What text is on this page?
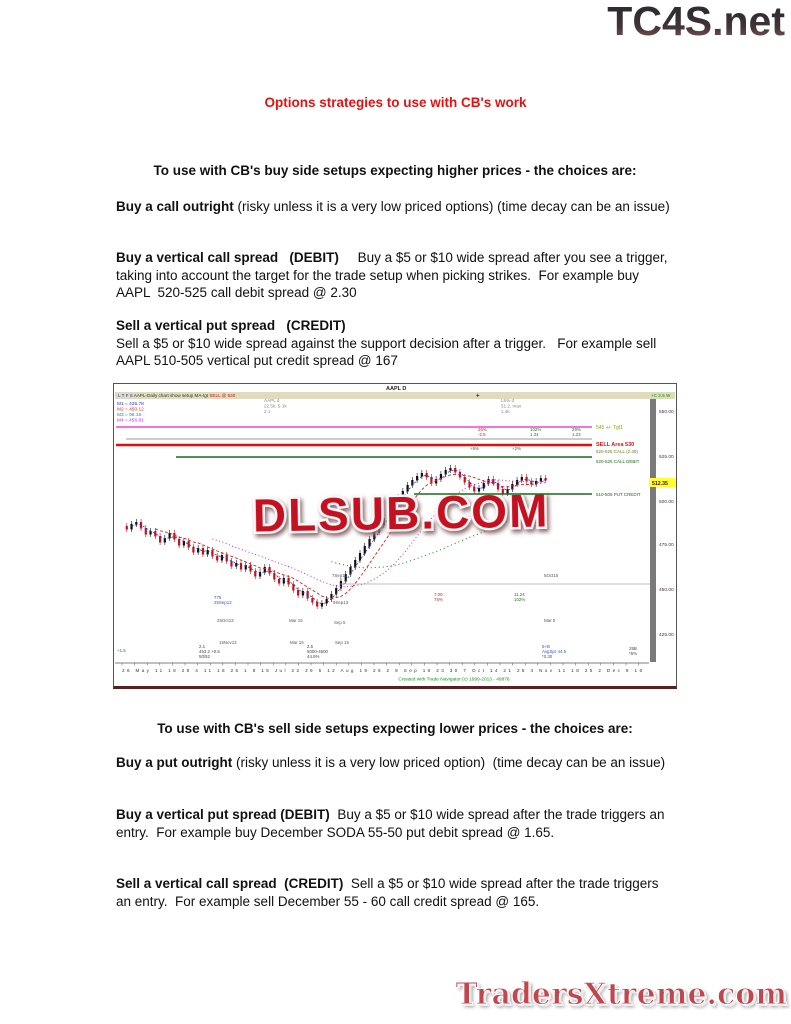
TC4S.net
Options strategies to use with CB's work
To use with CB's buy side setups expecting higher prices - the choices are:
Buy a call outright (risky unless it is a very low priced options) (time decay can be an issue)
Buy a vertical call spread   (DEBIT)     Buy a $5 or $10 wide spread after you see a trigger, taking into account the target for the trade setup when picking strikes.  For example buy AAPL  520-525 call debit spread @ 2.30
Sell a vertical put spread   (CREDIT)
Sell a $5 or $10 wide spread against the support decision after a trigger.   For example sell  AAPL 510-505 vertical put credit spread @ 167
DLSUB.COM
AAPL D
L T F S AAPL-Daily chart show setup MA-tgt SELL @ 530	+	+C 2.5 W
M1 = 435.78
M2 = 450.12
M3 = 98.15
M4 = 456.81
AAPL d
22.5k, 5-1k
2.1
L5% d
51.2, max
1.4k
545 +/- Tgt1
SELL Area 530
520-525 CALL (2.30)
520-525 CALL DEBIT
510-505 PUT CREDIT
26%
-2.5
102%
1.34
29%
1.23
+5%	+2%
775
25Sep13
25Oct13
15Nov13
Mar 15
Mar 15
7Sep13
9Sep13
Sep 5
Sep 15
7.00
75%
11.24
102%
5Oct15
Mar 5
+1.5
2.1
453.2 +0.5
50/52
2.5
5000-4500
44.5%
5+B
AvgSpr 44.5
*0.30
25B
*5%
550.00
525.00
500.00
475.00
450.00
425.00
512.35
26 May 11 18 28 4 11 18 25 1 8 15 Jul 22 29 5 12 Aug 19 26 2 9 Sep 16 23 30 7 Oct 14 21 28 4 Nov 11 18 25 2 Dec 9 16
Created with Trade Navigator (c) 1999-2013 - 49876
To use with CB's sell side setups expecting lower prices - the choices are:
Buy a put outright (risky unless it is a very low priced option)  (time decay can be an issue)
Buy a vertical put spread (DEBIT)  Buy a $5 or $10 wide spread after the trade triggers an entry.  For example buy December SODA 55-50 put debit spread @ 1.65.
Sell a vertical call spread  (CREDIT)  Sell a $5 or $10 wide spread after the trade triggers an entry.  For example sell December 55 - 60 call credit spread @ 165.
TradersXtreme.com
